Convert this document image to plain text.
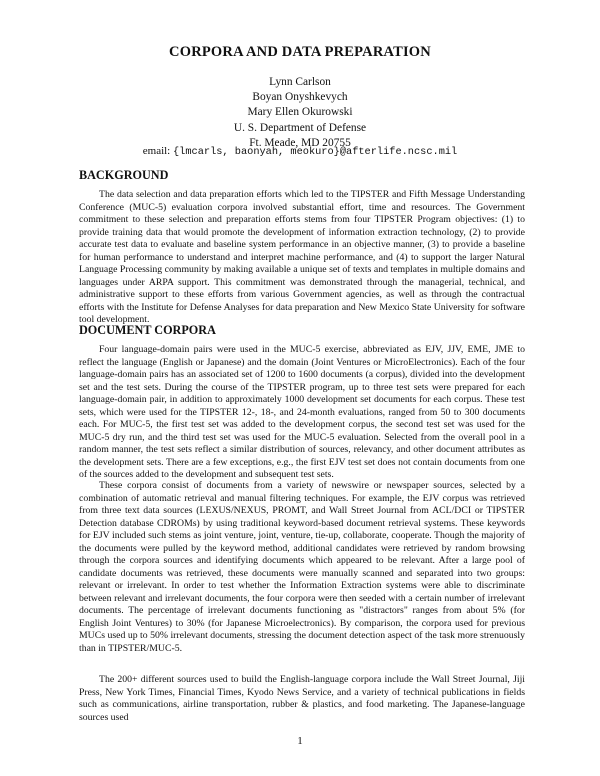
CORPORA AND DATA PREPARATION
Lynn Carlson
Boyan Onyshkevych
Mary Ellen Okurowski
U. S. Department of Defense
Ft. Meade, MD 20755
email: {lmcarls, baonyah, meokuro}@afterlife.ncsc.mil
BACKGROUND

The data selection and data preparation efforts which led to the TIPSTER and Fifth Message Understanding Conference (MUC-5) evaluation corpora involved substantial effort, time and resources. The Government commitment to these selection and preparation efforts stems from four TIPSTER Program objectives: (1) to provide training data that would promote the development of information extraction technology, (2) to provide accurate test data to evaluate and baseline system performance in an objective manner, (3) to provide a baseline for human performance to understand and interpret machine performance, and (4) to support the larger Natural Language Processing community by making available a unique set of texts and templates in multiple domains and languages under ARPA support. This commitment was demonstrated through the managerial, technical, and administrative support to these efforts from various Government agencies, as well as through the contractual efforts with the Institute for Defense Analyses for data preparation and New Mexico State University for software tool development.

DOCUMENT CORPORA

Four language-domain pairs were used in the MUC-5 exercise, abbreviated as EJV, JJV, EME, JME to reflect the language (English or Japanese) and the domain (Joint Ventures or MicroElectronics). Each of the four language-domain pairs has an associated set of 1200 to 1600 documents (a corpus), divided into the development set and the test sets. During the course of the TIPSTER program, up to three test sets were prepared for each language-domain pair, in addition to approximately 1000 development set documents for each corpus. These test sets, which were used for the TIPSTER 12-, 18-, and 24-month evaluations, ranged from 50 to 300 documents each. For MUC-5, the first test set was added to the development corpus, the second test set was used for the MUC-5 dry run, and the third test set was used for the MUC-5 evaluation. Selected from the overall pool in a random manner, the test sets reflect a similar distribution of sources, relevancy, and other document attributes as the development sets. There are a few exceptions, e.g., the first EJV test set does not contain documents from one of the sources added to the development and subsequent test sets.

These corpora consist of documents from a variety of newswire or newspaper sources, selected by a combination of automatic retrieval and manual filtering techniques. For example, the EJV corpus was retrieved from three text data sources (LEXUS/NEXUS, PROMT, and Wall Street Journal from ACL/DCI or TIPSTER Detection database CDROMs) by using traditional keyword-based document retrieval systems. These keywords for EJV included such stems as joint venture, joint, venture, tie-up, collaborate, cooperate. Though the majority of the documents were pulled by the keyword method, additional candidates were retrieved by random browsing through the corpora sources and identifying documents which appeared to be relevant. After a large pool of candidate documents was retrieved, these documents were manually scanned and separated into two groups: relevant or irrelevant. In order to test whether the Information Extraction systems were able to discriminate between relevant and irrelevant documents, the four corpora were then seeded with a certain number of irrelevant documents. The percentage of irrelevant documents functioning as "distractors" ranges from about 5% (for English Joint Ventures) to 30% (for Japanese Microelectronics). By comparison, the corpora used for previous MUCs used up to 50% irrelevant documents, stressing the document detection aspect of the task more strenuously than in TIPSTER/MUC-5.

The 200+ different sources used to build the English-language corpora include the Wall Street Journal, Jiji Press, New York Times, Financial Times, Kyodo News Service, and a variety of technical publications in fields such as communications, airline transportation, rubber & plastics, and food marketing. The Japanese-language sources used

1
